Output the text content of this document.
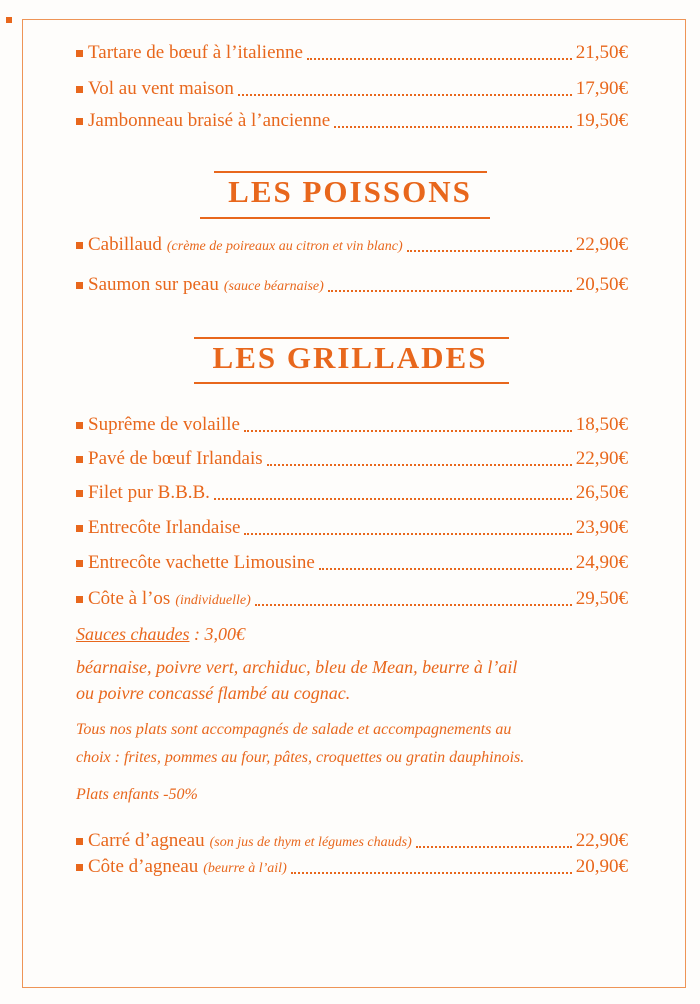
Tartare de bœuf à l’italienne	21,50€
Vol au vent maison	17,90€
Jambonneau braisé à l’ancienne	19,50€
LES POISSONS
Cabillaud (crème de poireaux au citron et vin blanc)	22,90€
Saumon sur peau (sauce béarnaise)	20,50€
LES GRILLADES
Suprême de volaille	18,50€
Pavé de bœuf Irlandais	22,90€
Filet pur B.B.B.	26,50€
Entrecôte Irlandaise	23,90€
Entrecôte vachette Limousine	24,90€
Côte à l’os (individuelle)	29,50€
Sauces chaudes : 3,00€
béarnaise, poivre vert, archiduc, bleu de Mean, beurre à l’ail
ou poivre concassé flambé au cognac.
Tous nos plats sont accompagnés de salade et accompagnements au
choix : frites, pommes au four, pâtes, croquettes ou gratin dauphinois.
Plats enfants -50%
Carré d’agneau (son jus de thym et légumes chauds)	22,90€
Côte d’agneau (beurre à l’ail)	20,90€
